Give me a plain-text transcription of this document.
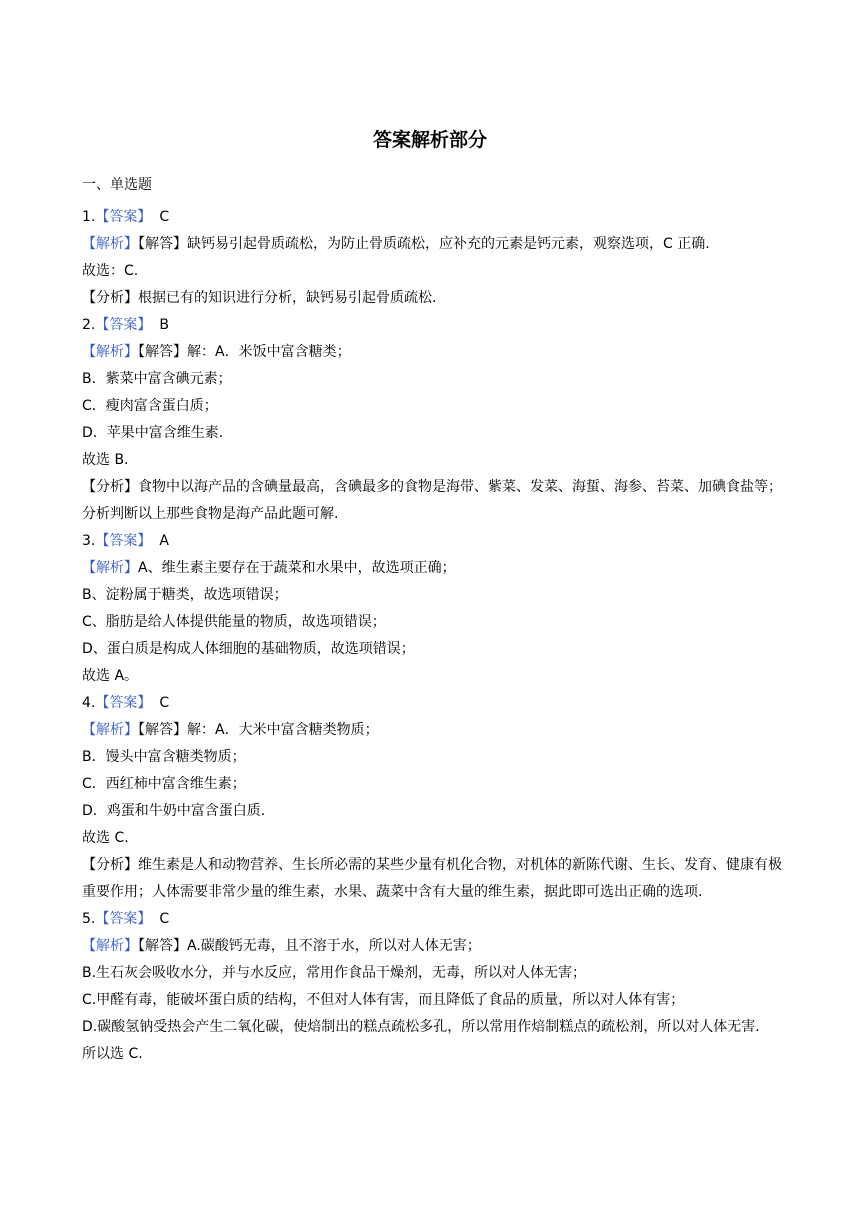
答案解析部分
一、单选题
1.【答案】 C
【解析】【解答】缺钙易引起骨质疏松，为防止骨质疏松，应补充的元素是钙元素，观察选项，C 正确.
故选：C.
【分析】根据已有的知识进行分析，缺钙易引起骨质疏松.
2.【答案】 B
【解析】【解答】解：A．米饭中富含糖类；
B．紫菜中富含碘元素；
C．瘦肉富含蛋白质；
D．苹果中富含维生素.
故选 B.
【分析】食物中以海产品的含碘量最高，含碘最多的食物是海带、紫菜、发菜、海蜇、海参、苔菜、加碘食盐等；分析判断以上那些食物是海产品此题可解.
3.【答案】 A
【解析】A、维生素主要存在于蔬菜和水果中，故选项正确；
B、淀粉属于糖类，故选项错误；
C、脂肪是给人体提供能量的物质，故选项错误；
D、蛋白质是构成人体细胞的基础物质，故选项错误；
故选 A。
4.【答案】 C
【解析】【解答】解：A．大米中富含糖类物质；
B．馒头中富含糖类物质；
C．西红柿中富含维生素；
D．鸡蛋和牛奶中富含蛋白质.
故选 C.
【分析】维生素是人和动物营养、生长所必需的某些少量有机化合物，对机体的新陈代谢、生长、发育、健康有极重要作用；人体需要非常少量的维生素，水果、蔬菜中含有大量的维生素，据此即可选出正确的选项.
5.【答案】 C
【解析】【解答】A.碳酸钙无毒，且不溶于水，所以对人体无害；
B.生石灰会吸收水分，并与水反应，常用作食品干燥剂，无毒，所以对人体无害；
C.甲醛有毒，能破坏蛋白质的结构，不但对人体有害，而且降低了食品的质量，所以对人体有害；
D.碳酸氢钠受热会产生二氧化碳，使焙制出的糕点疏松多孔，所以常用作焙制糕点的疏松剂，所以对人体无害.
所以选 C.
